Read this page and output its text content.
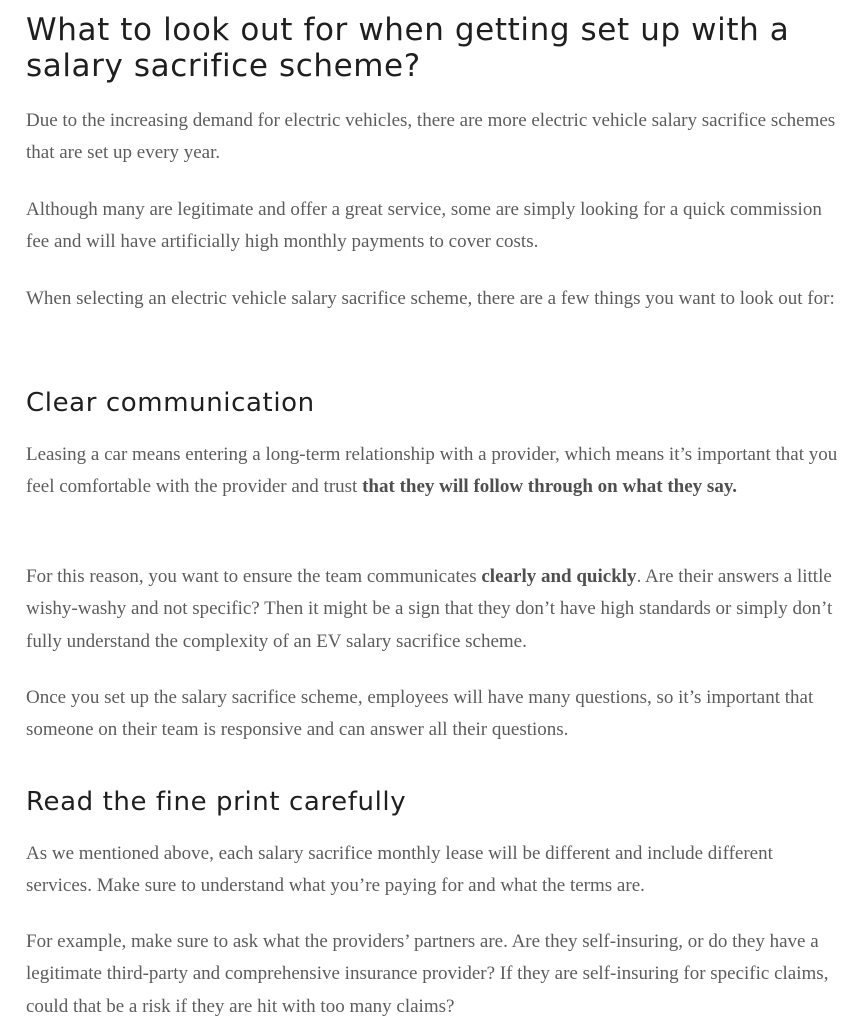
What to look out for when getting set up with a salary sacrifice scheme?

Due to the increasing demand for electric vehicles, there are more electric vehicle salary sacrifice schemes that are set up every year.

Although many are legitimate and offer a great service, some are simply looking for a quick commission fee and will have artificially high monthly payments to cover costs.

When selecting an electric vehicle salary sacrifice scheme, there are a few things you want to look out for:

Clear communication

Leasing a car means entering a long-term relationship with a provider, which means it’s important that you feel comfortable with the provider and trust that they will follow through on what they say.

For this reason, you want to ensure the team communicates clearly and quickly. Are their answers a little wishy-washy and not specific? Then it might be a sign that they don’t have high standards or simply don’t fully understand the complexity of an EV salary sacrifice scheme.

Once you set up the salary sacrifice scheme, employees will have many questions, so it’s important that someone on their team is responsive and can answer all their questions.

Read the fine print carefully

As we mentioned above, each salary sacrifice monthly lease will be different and include different services. Make sure to understand what you’re paying for and what the terms are.

For example, make sure to ask what the providers’ partners are. Are they self-insuring, or do they have a legitimate third-party and comprehensive insurance provider? If they are self-insuring for specific claims, could that be a risk if they are hit with too many claims?
